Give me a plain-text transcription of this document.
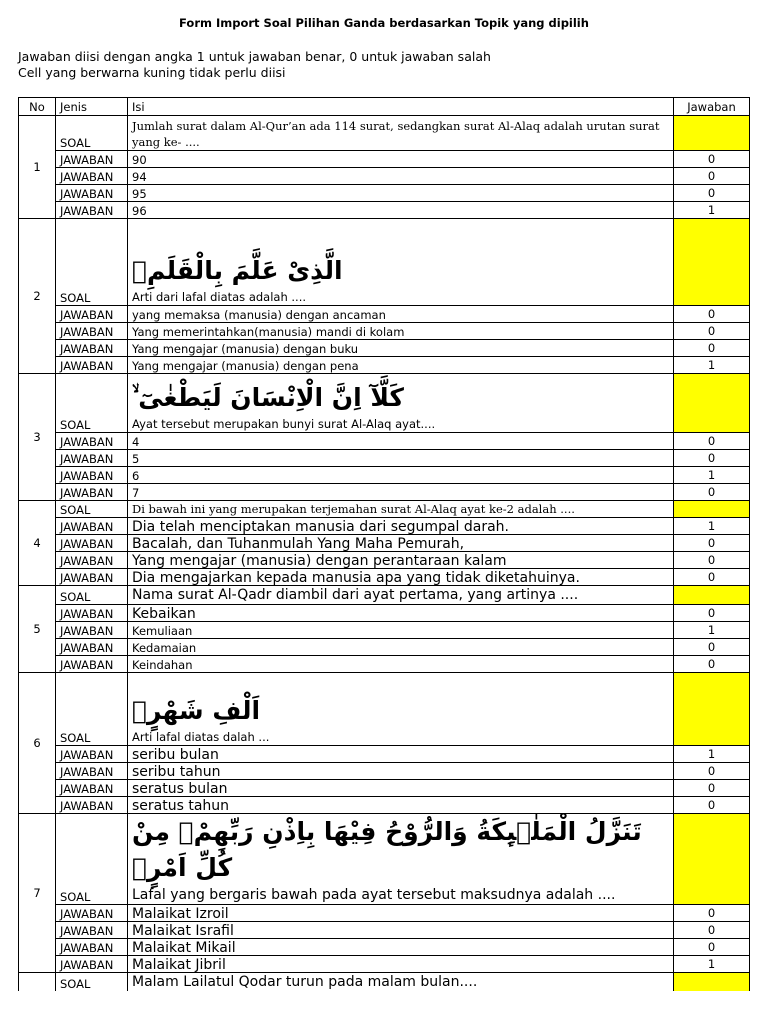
Form Import Soal Pilihan Ganda berdasarkan Topik yang dipilih
Jawaban diisi dengan angka 1 untuk jawaban benar, 0 untuk jawaban salah
Cell yang berwarna kuning tidak perlu diisi
No	Jenis	Isi	Jawaban
1	SOAL	Jumlah surat dalam Al-Qur’an ada 114 surat, sedangkan surat Al-Alaq adalah urutan surat yang ke- ....	

	JAWABAN	90	0
	JAWABAN	94	0
	JAWABAN	95	0
	JAWABAN	96	1
2	SOAL	الَّذِىْ عَلَّمَ بِالْقَلَمِۙ
Arti dari lafal diatas adalah ....	

	JAWABAN	yang memaksa (manusia) dengan ancaman	0
	JAWABAN	Yang memerintahkan(manusia) mandi di kolam	0
	JAWABAN	Yang mengajar (manusia) dengan buku	0
	JAWABAN	Yang mengajar (manusia) dengan pena	1
3	SOAL	كَلَّآ اِنَّ الْاِنْسَانَ لَيَطْغٰىٓ ۙ
Ayat tersebut merupakan bunyi surat Al-Alaq ayat....	

	JAWABAN	4	0
	JAWABAN	5	0
	JAWABAN	6	1
	JAWABAN	7	0
4	SOAL	Di bawah ini yang merupakan terjemahan surat Al-Alaq ayat ke-2 adalah ....	

	JAWABAN	Dia telah menciptakan manusia dari segumpal darah.	1
	JAWABAN	Bacalah, dan Tuhanmulah Yang Maha Pemurah,	0
	JAWABAN	Yang mengajar (manusia) dengan perantaraan kalam	0
	JAWABAN	Dia mengajarkan kepada manusia apa yang tidak diketahuinya.	0
5	SOAL	Nama surat Al-Qadr diambil dari ayat pertama, yang artinya ....	

	JAWABAN	Kebaikan	0
	JAWABAN	Kemuliaan	1
	JAWABAN	Kedamaian	0
	JAWABAN	Keindahan	0
6	SOAL	اَلْفِ شَهْرٍۗ
Arti lafal diatas dalah ...	

	JAWABAN	seribu bulan	1
	JAWABAN	seribu tahun	0
	JAWABAN	seratus bulan	0
	JAWABAN	seratus tahun	0
7	SOAL	تَنَزَّلُ الْمَلٰۤىِٕكَةُ وَالرُّوْحُ فِيْهَا بِاِذْنِ رَبِّهِمْۚ مِنْ كُلِّ اَمْرٍۛ
Lafal yang bergaris bawah pada ayat tersebut maksudnya adalah ....	

	JAWABAN	Malaikat Izroil	0
	JAWABAN	Malaikat Israfil	0
	JAWABAN	Malaikat Mikail	0
	JAWABAN	Malaikat Jibril	1
	SOAL	Malam Lailatul Qodar turun pada malam bulan....	
